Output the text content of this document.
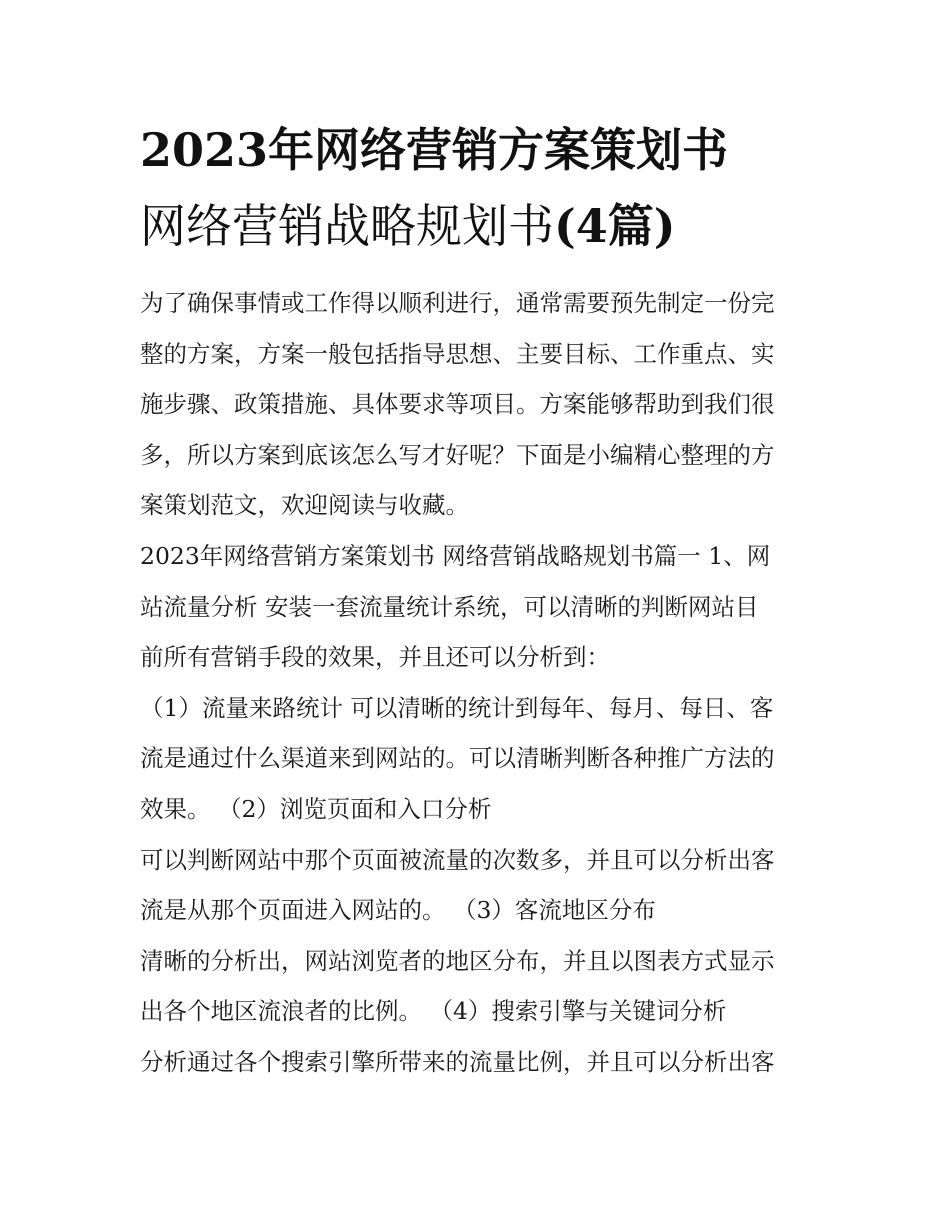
2023年网络营销方案策划书
网络营销战略规划书(4篇)
为了确保事情或工作得以顺利进行，通常需要预先制定一份完
整的方案，方案一般包括指导思想、主要目标、工作重点、实
施步骤、政策措施、具体要求等项目。方案能够帮助到我们很
多，所以方案到底该怎么写才好呢？下面是小编精心整理的方
案策划范文，欢迎阅读与收藏。
2023年网络营销方案策划书 网络营销战略规划书篇一 1、网
站流量分析 安装一套流量统计系统，可以清晰的判断网站目
前所有营销手段的效果，并且还可以分析到：
（1）流量来路统计 可以清晰的统计到每年、每月、每日、客
流是通过什么渠道来到网站的。可以清晰判断各种推广方法的
效果。 （2）浏览页面和入口分析
可以判断网站中那个页面被流量的次数多，并且可以分析出客
流是从那个页面进入网站的。 （3）客流地区分布
清晰的分析出，网站浏览者的地区分布，并且以图表方式显示
出各个地区流浪者的比例。 （4）搜索引擎与关键词分析
分析通过各个搜索引擎所带来的流量比例，并且可以分析出客
